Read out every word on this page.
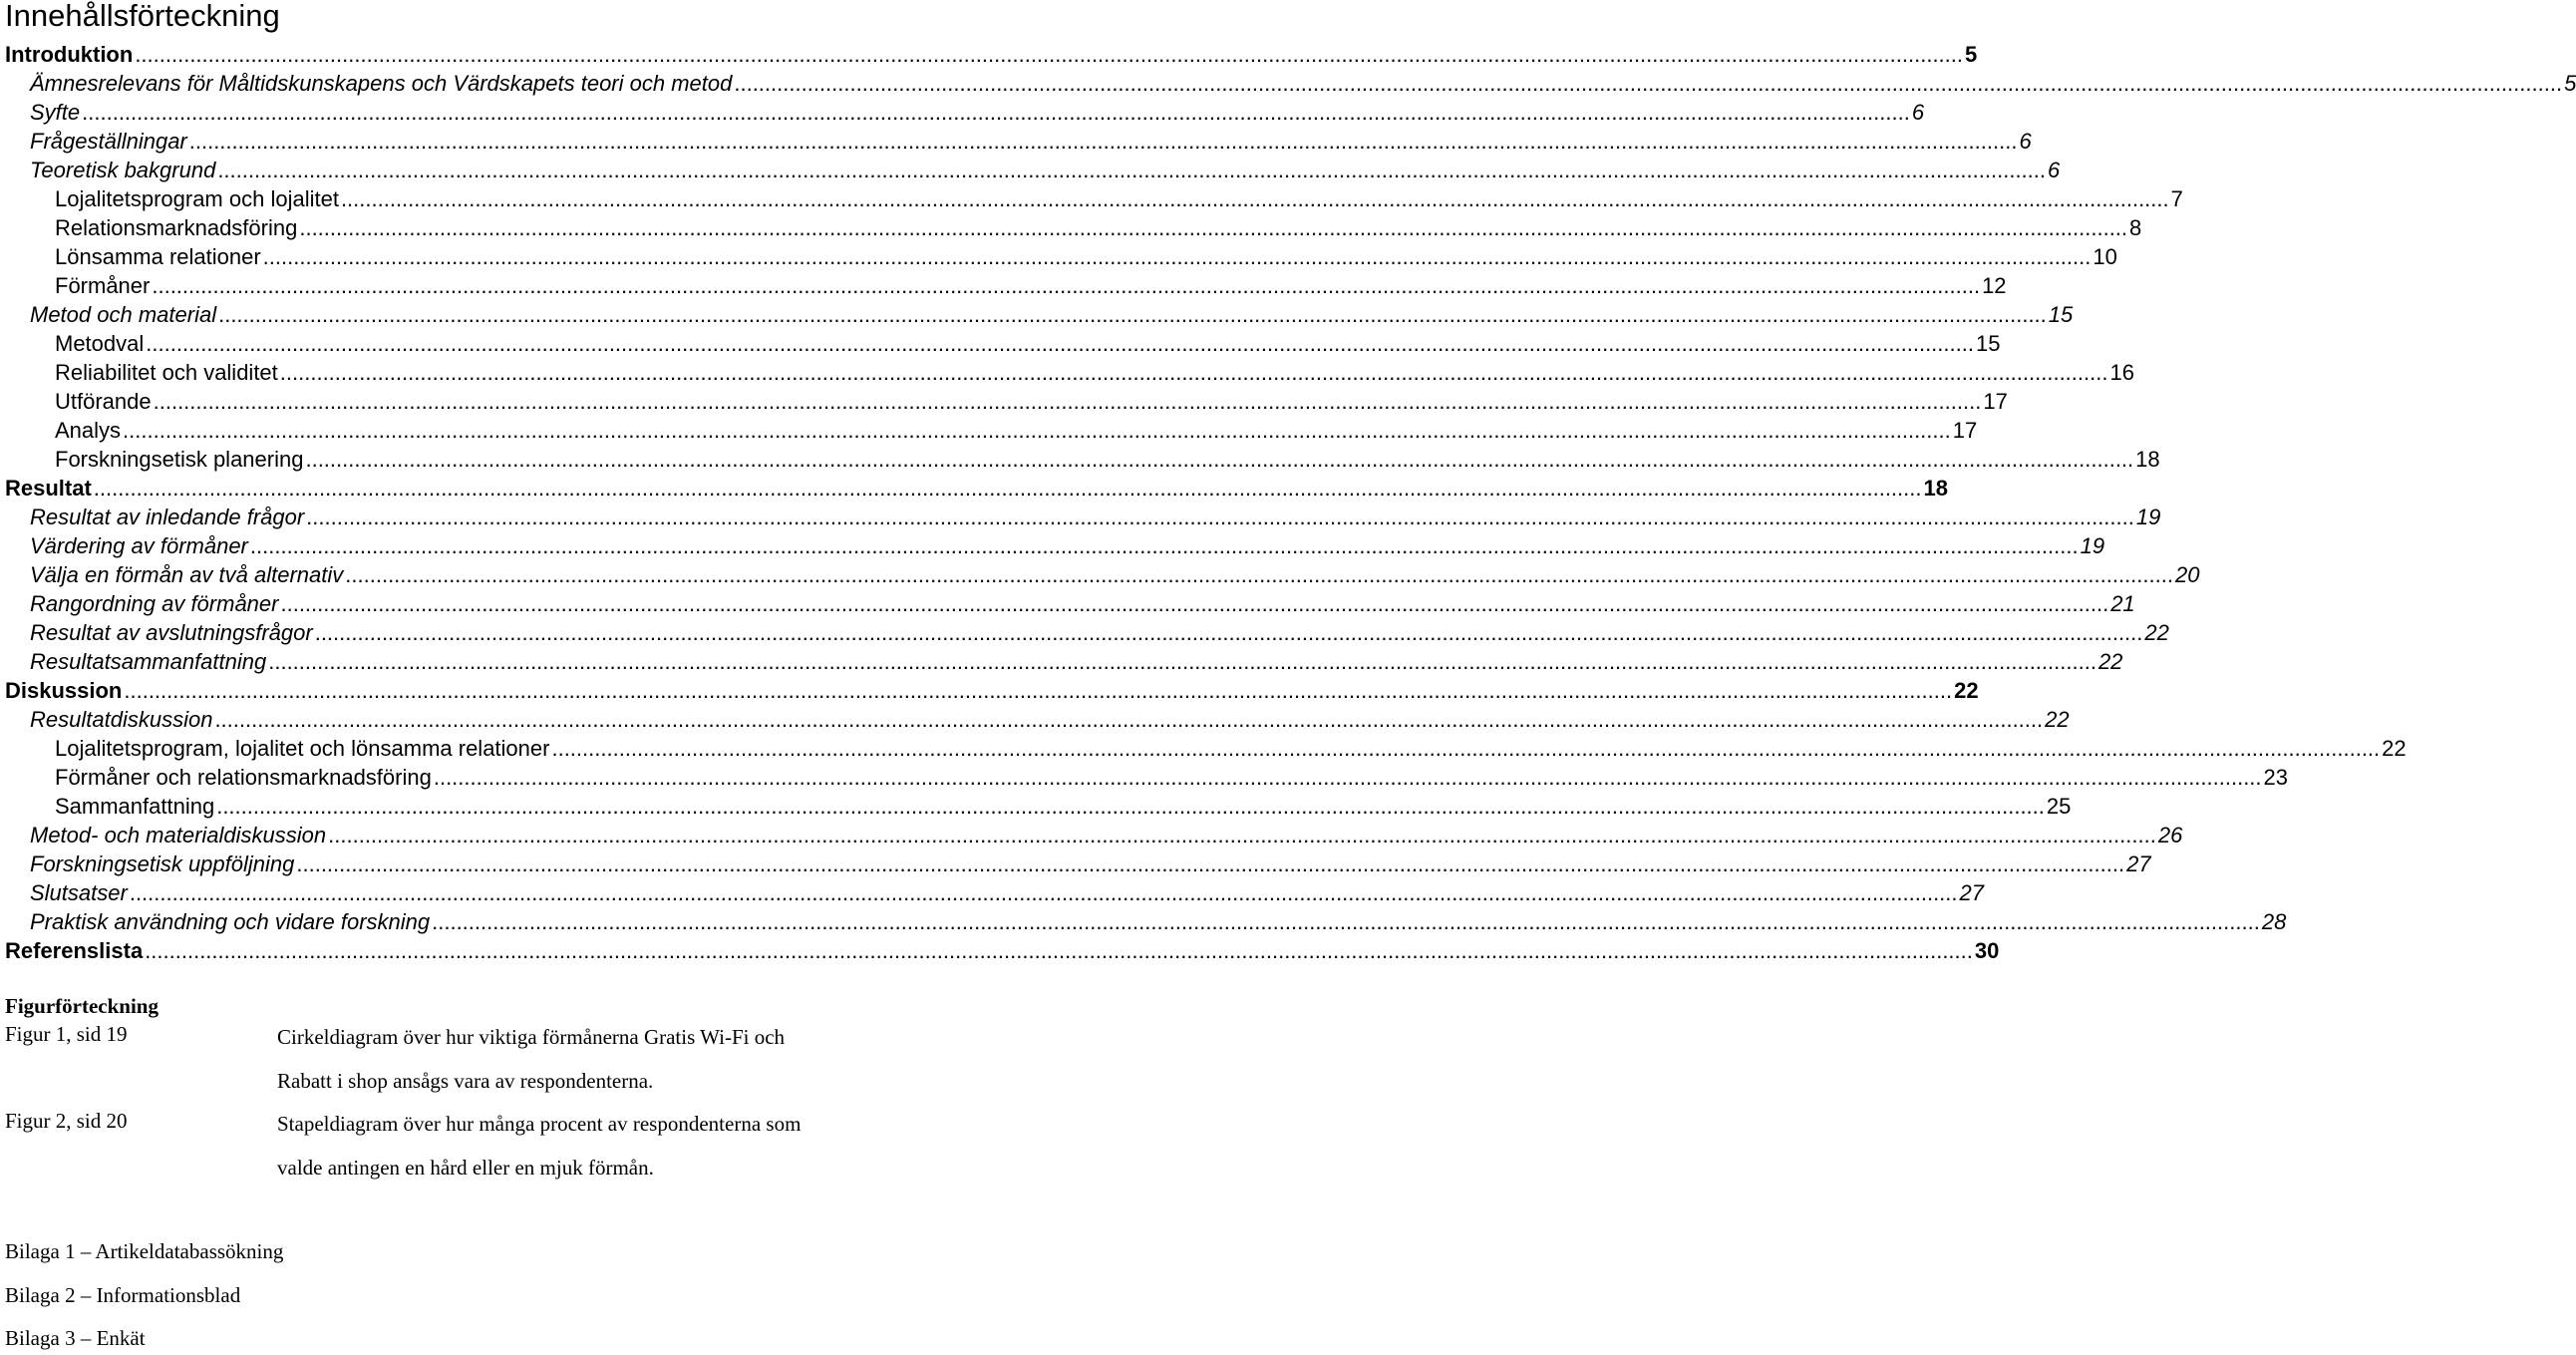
Innehållsförteckning
Introduktion ............................................................................................................................................................................................................................................................................................................ 5
Ämnesrelevans för Måltidskunskapens och Värdskapets teori och metod ............................................................................................................................................................................................................................................................................................................ 5
Syfte ............................................................................................................................................................................................................................................................................................................ 6
Frågeställningar ............................................................................................................................................................................................................................................................................................................ 6
Teoretisk bakgrund ............................................................................................................................................................................................................................................................................................................ 6
Lojalitetsprogram och lojalitet ............................................................................................................................................................................................................................................................................................................ 7
Relationsmarknadsföring ............................................................................................................................................................................................................................................................................................................ 8
Lönsamma relationer ............................................................................................................................................................................................................................................................................................................ 10
Förmåner ............................................................................................................................................................................................................................................................................................................ 12
Metod och material ............................................................................................................................................................................................................................................................................................................ 15
Metodval ............................................................................................................................................................................................................................................................................................................ 15
Reliabilitet och validitet ............................................................................................................................................................................................................................................................................................................ 16
Utförande ............................................................................................................................................................................................................................................................................................................ 17
Analys ............................................................................................................................................................................................................................................................................................................ 17
Forskningsetisk planering ............................................................................................................................................................................................................................................................................................................ 18
Resultat ............................................................................................................................................................................................................................................................................................................ 18
Resultat av inledande frågor ............................................................................................................................................................................................................................................................................................................ 19
Värdering av förmåner ............................................................................................................................................................................................................................................................................................................ 19
Välja en förmån av två alternativ ............................................................................................................................................................................................................................................................................................................ 20
Rangordning av förmåner ............................................................................................................................................................................................................................................................................................................ 21
Resultat av avslutningsfrågor ............................................................................................................................................................................................................................................................................................................ 22
Resultatsammanfattning ............................................................................................................................................................................................................................................................................................................ 22
Diskussion ............................................................................................................................................................................................................................................................................................................ 22
Resultatdiskussion ............................................................................................................................................................................................................................................................................................................ 22
Lojalitetsprogram, lojalitet och lönsamma relationer ............................................................................................................................................................................................................................................................................................................ 22
Förmåner och relationsmarknadsföring ............................................................................................................................................................................................................................................................................................................ 23
Sammanfattning ............................................................................................................................................................................................................................................................................................................ 25
Metod- och materialdiskussion ............................................................................................................................................................................................................................................................................................................ 26
Forskningsetisk uppföljning ............................................................................................................................................................................................................................................................................................................ 27
Slutsatser ............................................................................................................................................................................................................................................................................................................ 27
Praktisk användning och vidare forskning ............................................................................................................................................................................................................................................................................................................ 28
Referenslista ............................................................................................................................................................................................................................................................................................................ 30
Figurförteckning
Figur 1, sid 19	Cirkeldiagram över hur viktiga förmånerna Gratis Wi-Fi och
Rabatt i shop ansågs vara av respondenterna.
Figur 2, sid 20	Stapeldiagram över hur många procent av respondenterna som
valde antingen en hård eller en mjuk förmån.
Bilaga 1 – Artikeldatabassökning
Bilaga 2 – Informationsblad
Bilaga 3 – Enkät
